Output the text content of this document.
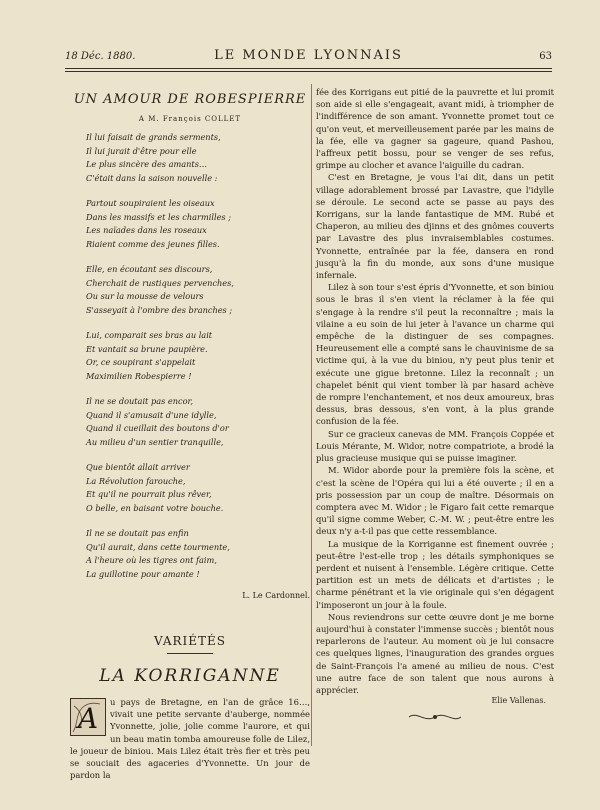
18 Déc. 1880.	LE MONDE LYONNAIS	63
UN AMOUR DE ROBESPIERRE
A M. François COLLET
Il lui faisait de grands serments,
Il lui jurait d'être pour elle
Le plus sincère des amants…
C'était dans la saison nouvelle :
Partout soupiraient les oiseaux
Dans les massifs et les charmilles ;
Les naïades dans les roseaux
Riaient comme des jeunes filles.
Elle, en écoutant ses discours,
Cherchait de rustiques pervenches,
Ou sur la mousse de velours
S'asseyait à l'ombre des branches ;
Lui, comparait ses bras au lait
Et vantait sa brune paupière.
Or, ce soupirant s'appelait
Maximilien Robespierre !
Il ne se doutait pas encor,
Quand il s'amusait d'une idylle,
Quand il cueillait des boutons d'or
Au milieu d'un sentier tranquille,
Que bientôt allait arriver
La Révolution farouche,
Et qu'il ne pourrait plus rêver,
O belle, en baisant votre bouche.
Il ne se doutait pas enfin
Qu'il aurait, dans cette tourmente,
A l'heure où les tigres ont faim,
La guillotine pour amante !
L. Le Cardonnel.
VARIÉTÉS
LA KORRIGANNE
A u pays de Bretagne, en l'an de grâce 16…, vivait une petite servante d'auberge, nommée Yvonnette, jolie, jolie comme l'aurore, et qui un beau matin tomba amoureuse folle de Lilez, le joueur de biniou. Mais Lilez était très fier et très peu se souciait des agaceries d'Yvonnette. Un jour de pardon la

fée des Korrigans eut pitié de la pauvrette et lui promit son aide si elle s'engageait, avant midi, à triompher de l'indifférence de son amant. Yvonnette promet tout ce qu'on veut, et merveilleusement parée par les mains de la fée, elle va gagner sa gageure, quand Pashou, l'affreux petit bossu, pour se venger de ses refus, grimpe au clocher et avance l'aiguille du cadran.

C'est en Bretagne, je vous l'ai dit, dans un petit village adorablement brossé par Lavastre, que l'idylle se déroule. Le second acte se passe au pays des Korrigans, sur la lande fantastique de MM. Rubé et Chaperon, au milieu des djinns et des gnômes couverts par Lavastre des plus invraisemblables costumes. Yvonnette, entraînée par la fée, dansera en rond jusqu'à la fin du monde, aux sons d'une musique infernale.

Lilez à son tour s'est épris d'Yvonnette, et son biniou sous le bras il s'en vient la réclamer à la fée qui s'engage à la rendre s'il peut la reconnaître ; mais la vilaine a eu soin de lui jeter à l'avance un charme qui empêche de la distinguer de ses compagnes. Heureusement elle a compté sans le chauvinisme de sa victime qui, à la vue du biniou, n'y peut plus tenir et exécute une gigue bretonne. Lilez la reconnaît ; un chapelet bénit qui vient tomber là par hasard achève de rompre l'enchantement, et nos deux amoureux, bras dessus, bras dessous, s'en vont, à la plus grande confusion de la fée.

Sur ce gracieux canevas de MM. François Coppée et Louis Mérante, M. Widor, notre compatriote, a brodé la plus gracieuse musique qui se puisse imaginer.

M. Widor aborde pour la première fois la scène, et c'est la scène de l'Opéra qui lui a été ouverte ; il en a pris possession par un coup de maître. Désormais on comptera avec M. Widor ; le Figaro fait cette remarque qu'il signe comme Weber, C.-M. W. ; peut-être entre les deux n'y a-t-il pas que cette ressemblance.

La musique de la Korriganne est finement ouvrée ; peut-être l'est-elle trop ; les détails symphoniques se perdent et nuisent à l'ensemble. Légère critique. Cette partition est un mets de délicats et d'artistes ; le charme pénétrant et la vie originale qui s'en dégagent l'imposeront un jour à la foule.

Nous reviendrons sur cette œuvre dont je me borne aujourd'hui à constater l'immense succès ; bientôt nous reparlerons de l'auteur. Au moment où je lui consacre ces quelques lignes, l'inauguration des grandes orgues de Saint-François l'a amené au milieu de nous. C'est une autre face de son talent que nous aurons à apprécier.

Elie Vallenas.
